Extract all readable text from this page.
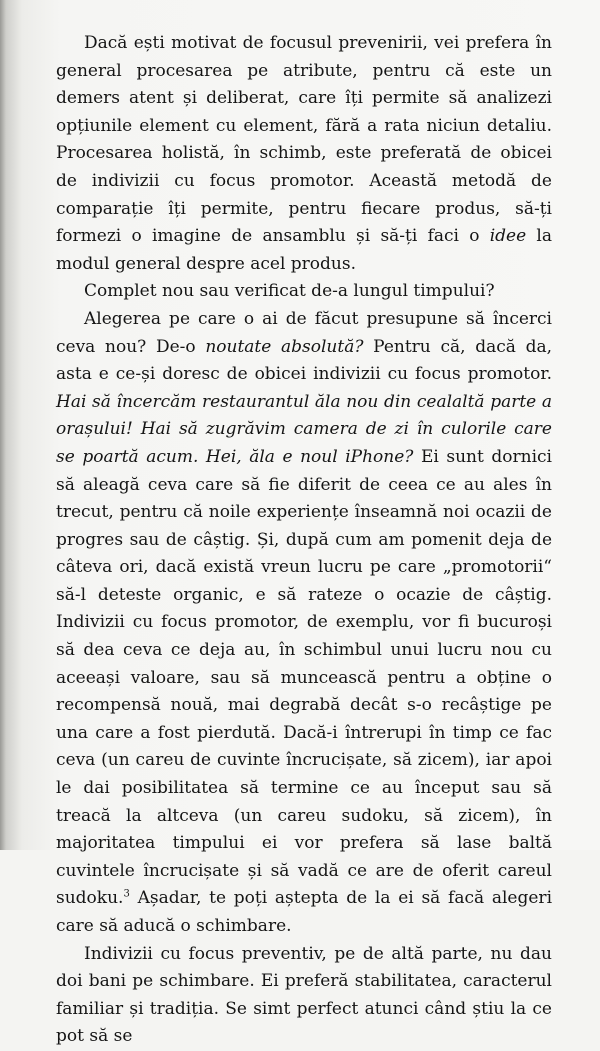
Dacă ești motivat de focusul prevenirii, vei prefera în general procesarea pe atribute, pentru că este un demers atent și deliberat, care îți permite să analizezi opțiunile element cu element, fără a rata niciun detaliu. Procesarea holistă, în schimb, este preferată de obicei de indivizii cu focus promotor. Această metodă de comparație îți permite, pentru fiecare produs, să-ți formezi o imagine de ansamblu și să-ți faci o idee la modul general despre acel produs.

Complet nou sau verificat de-a lungul timpului?

Alegerea pe care o ai de făcut presupune să încerci ceva nou? De-o noutate absolută? Pentru că, dacă da, asta e ce-și doresc de obicei indivizii cu focus promotor. Hai să încercăm restaurantul ăla nou din cealaltă parte a orașului! Hai să zugrăvim camera de zi în culorile care se poartă acum. Hei, ăla e noul iPhone? Ei sunt dornici să aleagă ceva care să fie diferit de ceea ce au ales în trecut, pentru că noile experiențe înseamnă noi ocazii de progres sau de câștig. Și, după cum am pomenit deja de câteva ori, dacă există vreun lucru pe care „promotorii“ să-l deteste organic, e să rateze o ocazie de câștig. Indivizii cu focus promotor, de exemplu, vor fi bucuroși să dea ceva ce deja au, în schimbul unui lucru nou cu aceeași valoare, sau să muncească pentru a obține o recompensă nouă, mai degrabă decât s-o recâștige pe una care a fost pierdută. Dacă-i întrerupi în timp ce fac ceva (un careu de cuvinte încrucișate, să zicem), iar apoi le dai posibilitatea să termine ce au început sau să treacă la altceva (un careu sudoku, să zicem), în majoritatea timpului ei vor prefera să lase baltă cuvintele încrucișate și să vadă ce are de oferit careul sudoku.$^3$ Așadar, te poți aștepta de la ei să facă alegeri care să aducă o schimbare.

Indivizii cu focus preventiv, pe de altă parte, nu dau doi bani pe schimbare. Ei preferă stabilitatea, caracterul familiar și tradiția. Se simt perfect atunci când știu la ce pot să se
